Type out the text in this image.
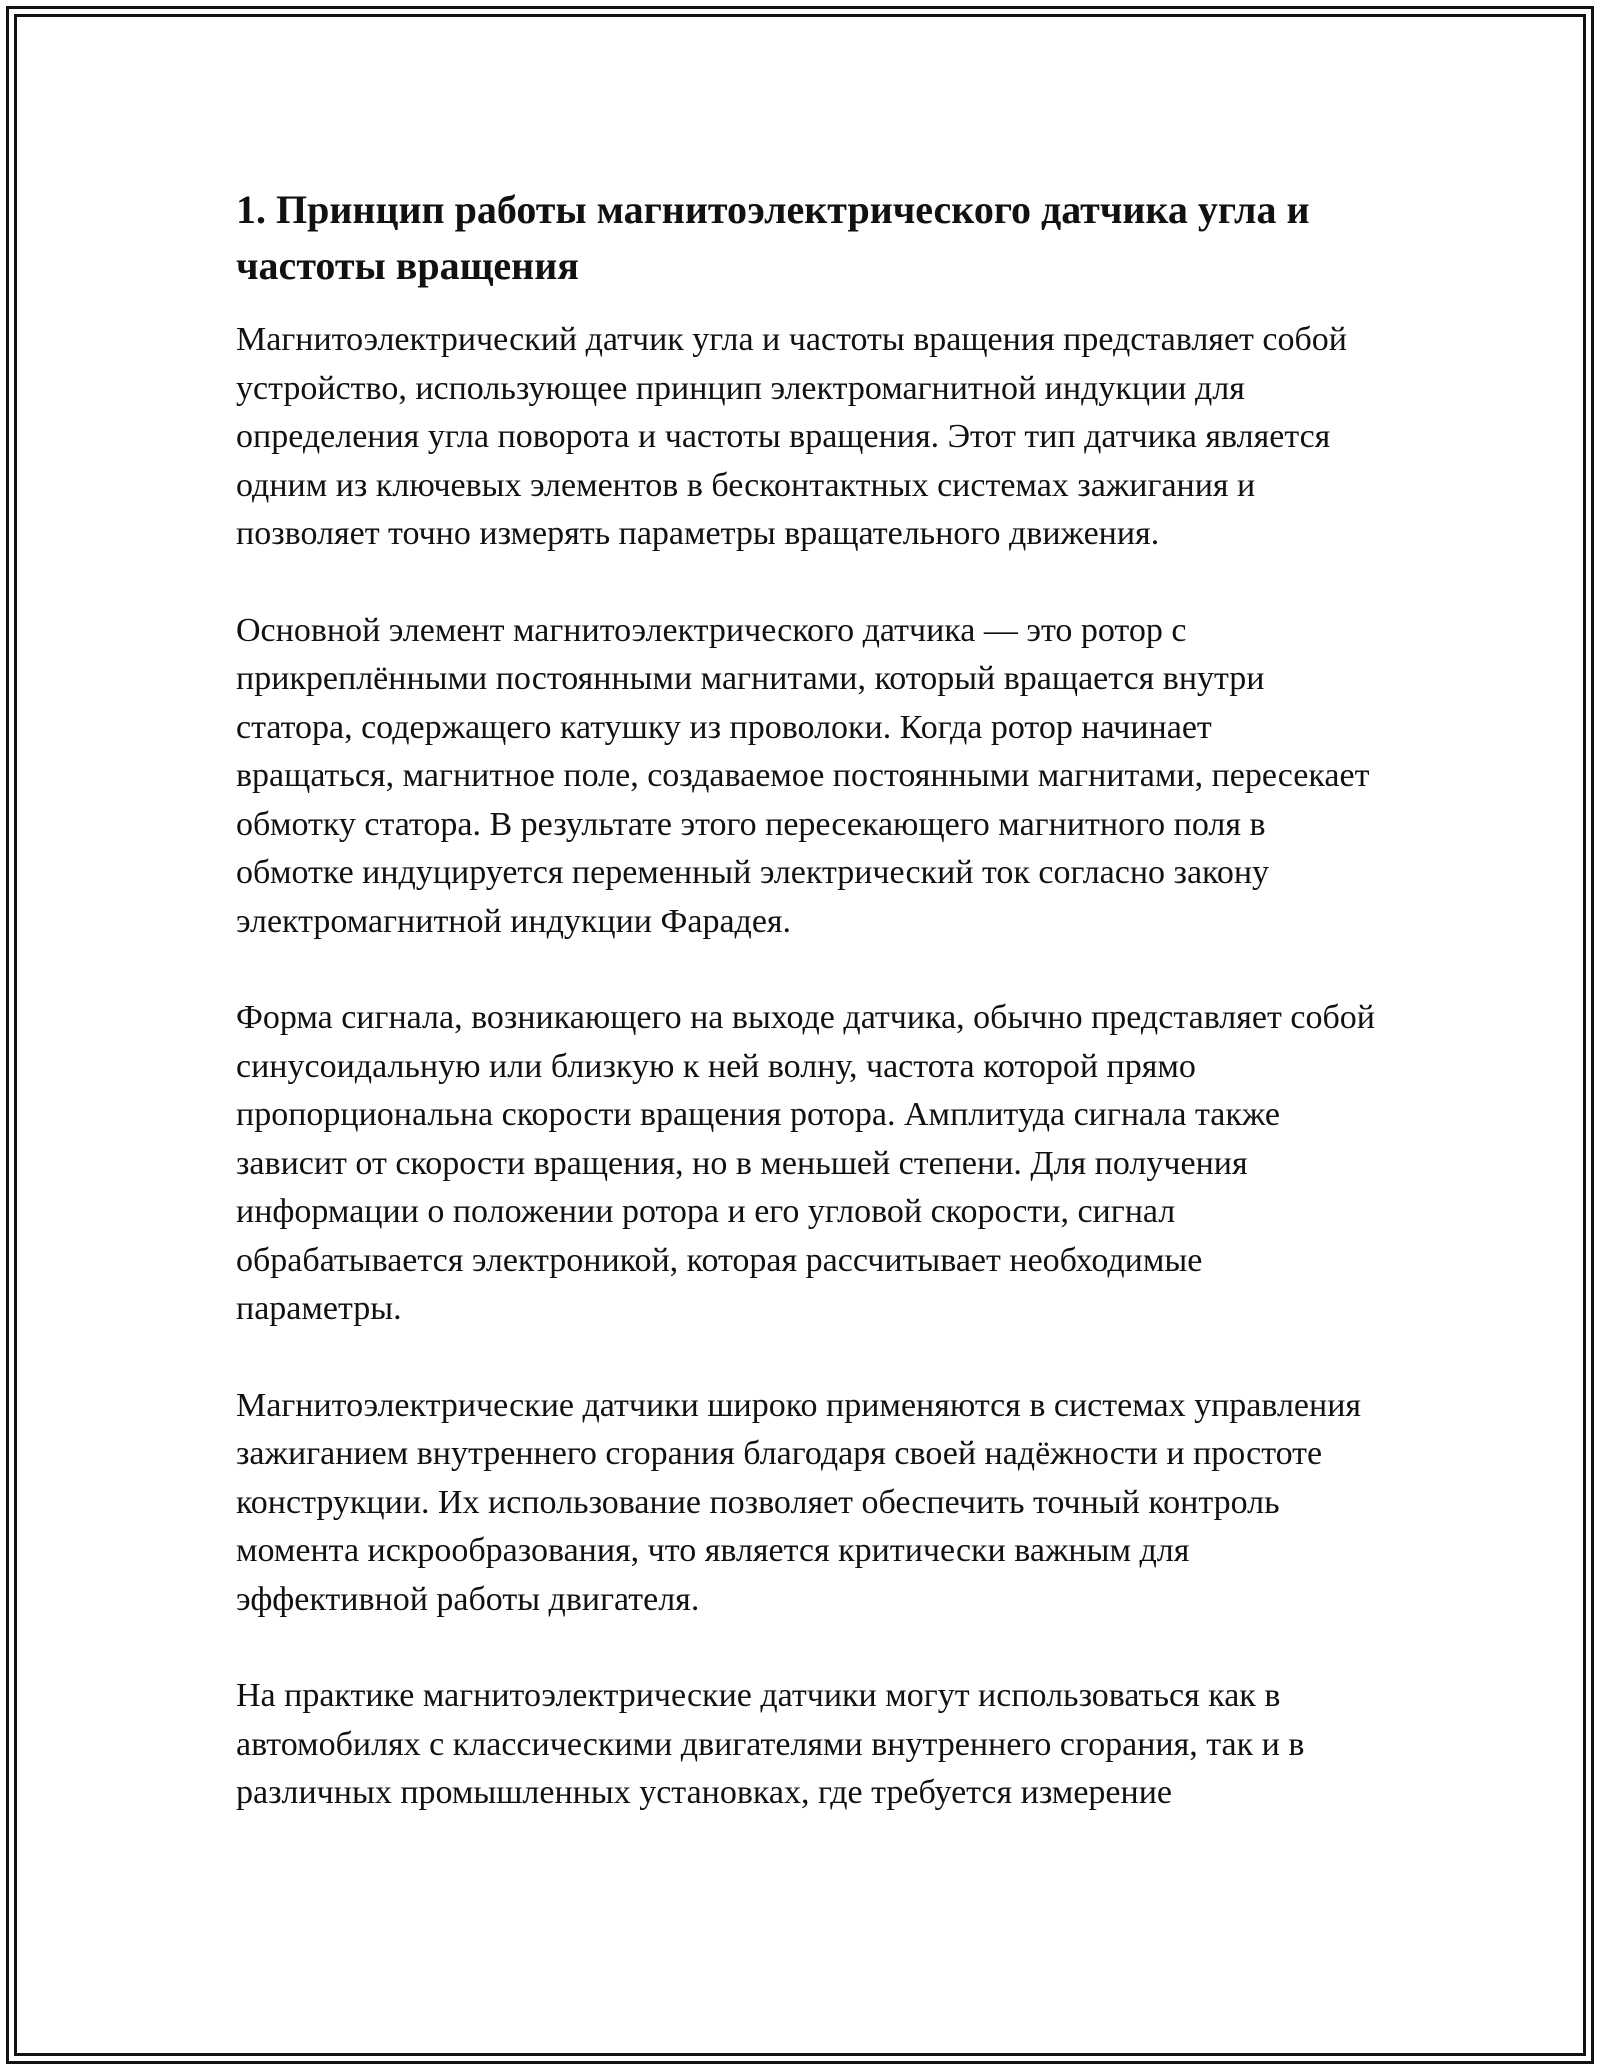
1. Принцип работы магнитоэлектрического датчика угла и частоты вращения

Магнитоэлектрический датчик угла и частоты вращения представляет собой устройство, использующее принцип электромагнитной индукции для определения угла поворота и частоты вращения. Этот тип датчика является одним из ключевых элементов в бесконтактных системах зажигания и позволяет точно измерять параметры вращательного движения.

Основной элемент магнитоэлектрического датчика — это ротор с прикреплёнными постоянными магнитами, который вращается внутри статора, содержащего катушку из проволоки. Когда ротор начинает вращаться, магнитное поле, создаваемое постоянными магнитами, пересекает обмотку статора. В результате этого пересекающего магнитного поля в обмотке индуцируется переменный электрический ток согласно закону электромагнитной индукции Фарадея.

Форма сигнала, возникающего на выходе датчика, обычно представляет собой синусоидальную или близкую к ней волну, частота которой прямо пропорциональна скорости вращения ротора. Амплитуда сигнала также зависит от скорости вращения, но в меньшей степени. Для получения информации о положении ротора и его угловой скорости, сигнал обрабатывается электроникой, которая рассчитывает необходимые параметры.

Магнитоэлектрические датчики широко применяются в системах управления зажиганием внутреннего сгорания благодаря своей надёжности и простоте конструкции. Их использование позволяет обеспечить точный контроль момента искрообразования, что является критически важным для эффективной работы двигателя.

На практике магнитоэлектрические датчики могут использоваться как в автомобилях с классическими двигателями внутреннего сгорания, так и в различных промышленных установках, где требуется измерение
